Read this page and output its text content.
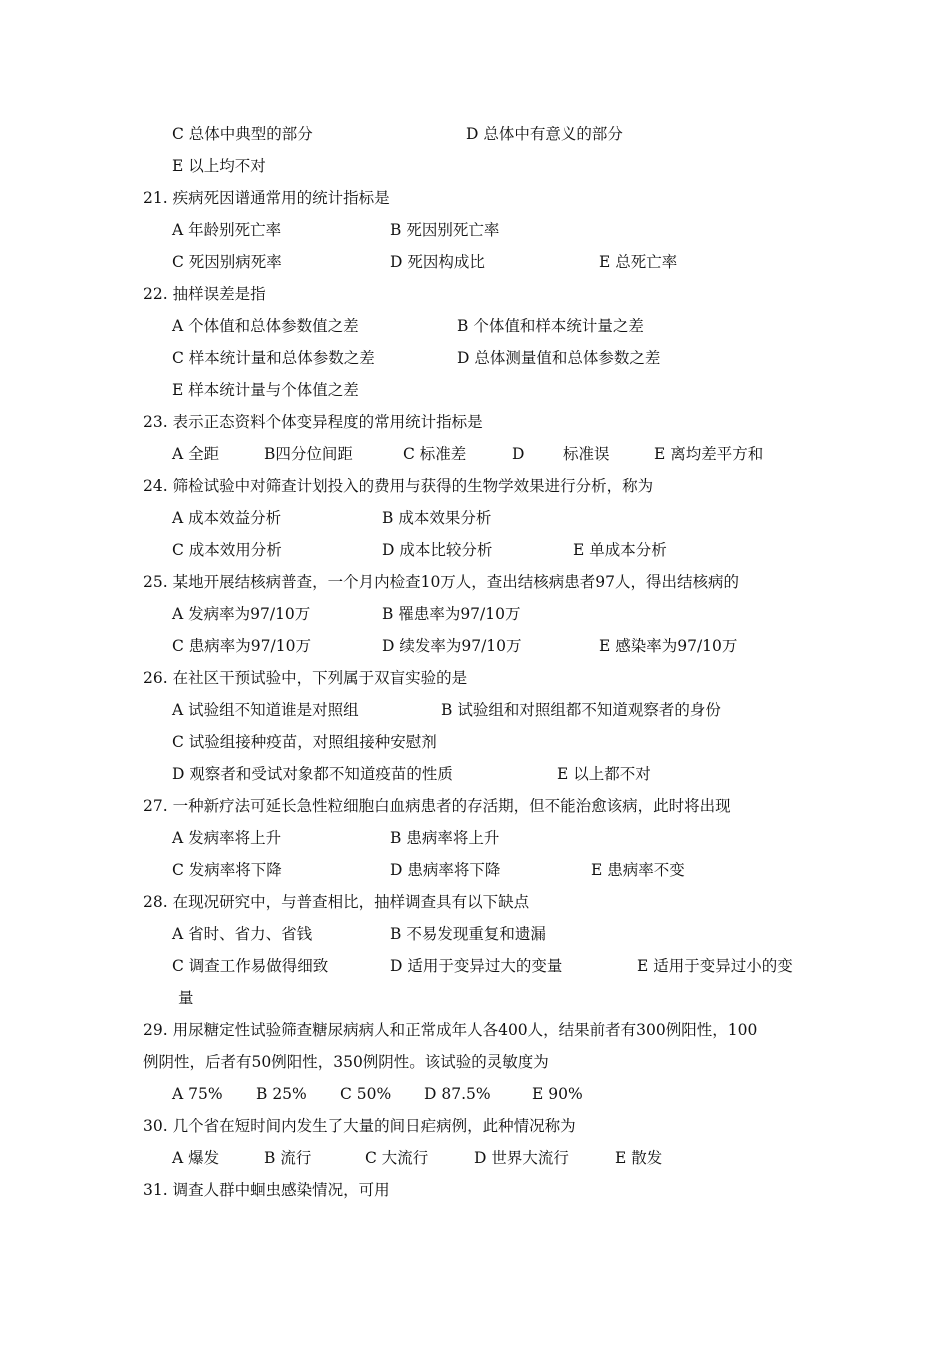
C 总体中典型的部分	D 总体中有意义的部分
E 以上均不对
21. 疾病死因谱通常用的统计指标是
A 年龄别死亡率	B 死因别死亡率
C 死因别病死率	D 死因构成比	E 总死亡率
22. 抽样误差是指
A 个体值和总体参数值之差	B 个体值和样本统计量之差
C 样本统计量和总体参数之差	D 总体测量值和总体参数之差
E 样本统计量与个体值之差
23. 表示正态资料个体变异程度的常用统计指标是
A 全距	B四分位间距	C 标准差	D 标准误	E 离均差平方和
24. 筛检试验中对筛查计划投入的费用与获得的生物学效果进行分析，称为
A 成本效益分析	B 成本效果分析
C 成本效用分析	D 成本比较分析	E 单成本分析
25. 某地开展结核病普查，一个月内检查10万人，查出结核病患者97人，得出结核病的
A 发病率为97/10万	B 罹患率为97/10万
C 患病率为97/10万	D 续发率为97/10万	E 感染率为97/10万
26. 在社区干预试验中，下列属于双盲实验的是
A 试验组不知道谁是对照组	B 试验组和对照组都不知道观察者的身份
C 试验组接种疫苗，对照组接种安慰剂
D 观察者和受试对象都不知道疫苗的性质	E 以上都不对
27. 一种新疗法可延长急性粒细胞白血病患者的存活期，但不能治愈该病，此时将出现
A 发病率将上升	B 患病率将上升
C 发病率将下降	D 患病率将下降	E 患病率不变
28. 在现况研究中，与普查相比，抽样调查具有以下缺点
A 省时、省力、省钱	B 不易发现重复和遗漏
C 调查工作易做得细致	D 适用于变异过大的变量	E 适用于变异过小的变
量
29. 用尿糖定性试验筛查糖尿病病人和正常成年人各400人，结果前者有300例阳性，100
例阴性，后者有50例阳性，350例阴性。该试验的灵敏度为
A 75% B 25% C 50% D 87.5%	E 90%
30. 几个省在短时间内发生了大量的间日疟病例，此种情况称为
A 爆发	B 流行	C 大流行	D 世界大流行	E 散发
31. 调查人群中蛔虫感染情况，可用
